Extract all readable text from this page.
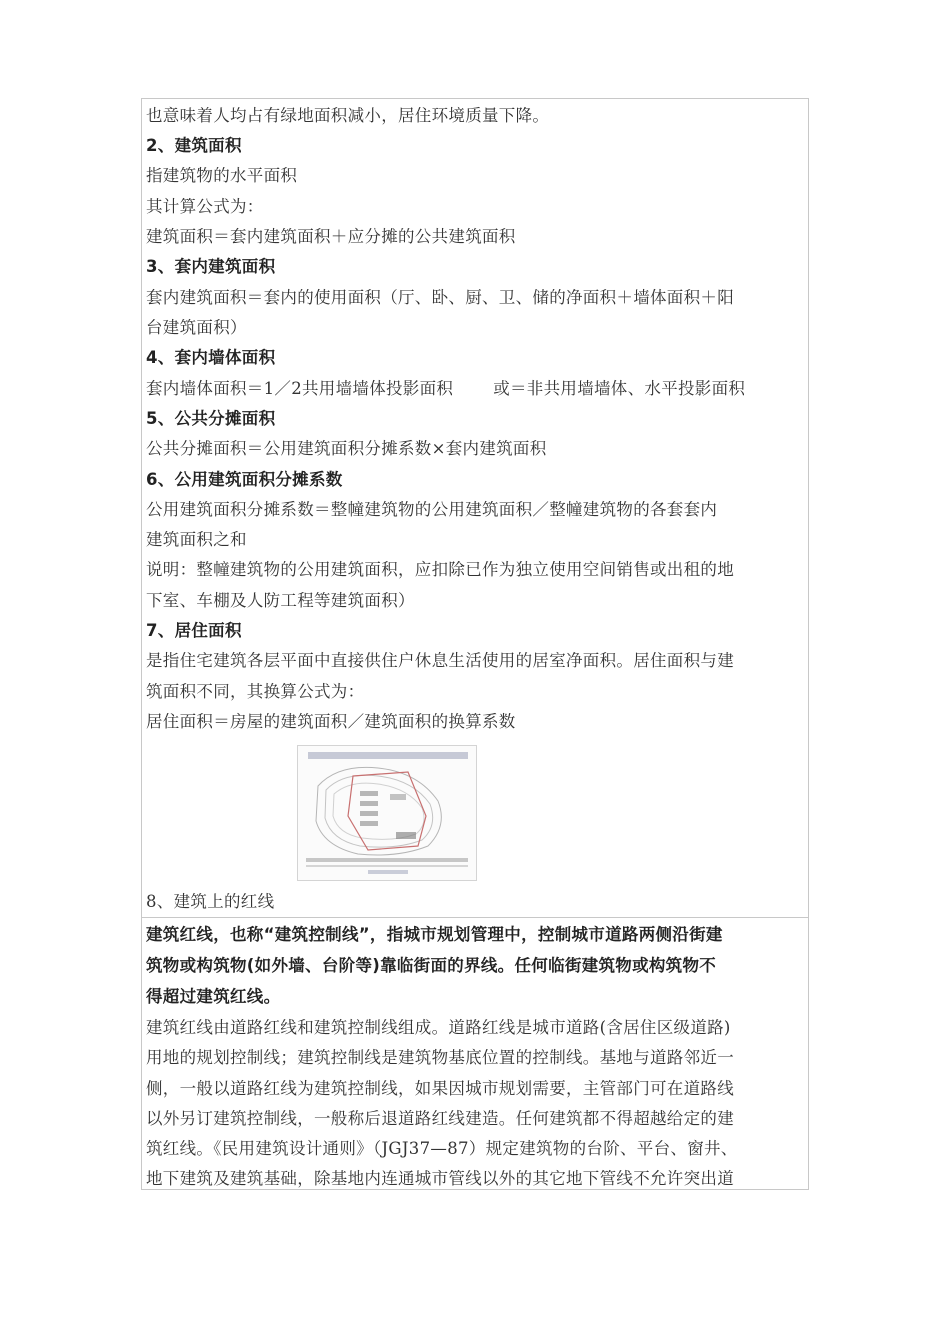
也意味着人均占有绿地面积减小，居住环境质量下降。
2、建筑面积
指建筑物的水平面积
其计算公式为：
建筑面积＝套内建筑面积＋应分摊的公共建筑面积
3、套内建筑面积
套内建筑面积＝套内的使用面积（厅、卧、厨、卫、储的净面积＋墙体面积＋阳
台建筑面积）
4、套内墙体面积
套内墙体面积＝1／2共用墙墙体投影面积 或＝非共用墙墙体、水平投影面积
5、公共分摊面积
公共分摊面积＝公用建筑面积分摊系数×套内建筑面积
6、公用建筑面积分摊系数
公用建筑面积分摊系数＝整幢建筑物的公用建筑面积／整幢建筑物的各套套内
建筑面积之和
说明：整幢建筑物的公用建筑面积，应扣除已作为独立使用空间销售或出租的地
下室、车棚及人防工程等建筑面积）
7、居住面积
是指住宅建筑各层平面中直接供住户休息生活使用的居室净面积。居住面积与建
筑面积不同，其换算公式为：
居住面积＝房屋的建筑面积／建筑面积的换算系数
8、建筑上的红线
建筑红线，也称“建筑控制线”，指城市规划管理中，控制城市道路两侧沿街建
筑物或构筑物(如外墙、台阶等)靠临街面的界线。任何临街建筑物或构筑物不
得超过建筑红线。
建筑红线由道路红线和建筑控制线组成。道路红线是城市道路(含居住区级道路)
用地的规划控制线；建筑控制线是建筑物基底位置的控制线。基地与道路邻近一
侧，一般以道路红线为建筑控制线，如果因城市规划需要，主管部门可在道路线
以外另订建筑控制线，一般称后退道路红线建造。任何建筑都不得超越给定的建
筑红线。《民用建筑设计通则》（JGJ37—87）规定建筑物的台阶、平台、窗井、
地下建筑及建筑基础，除基地内连通城市管线以外的其它地下管线不允许突出道
